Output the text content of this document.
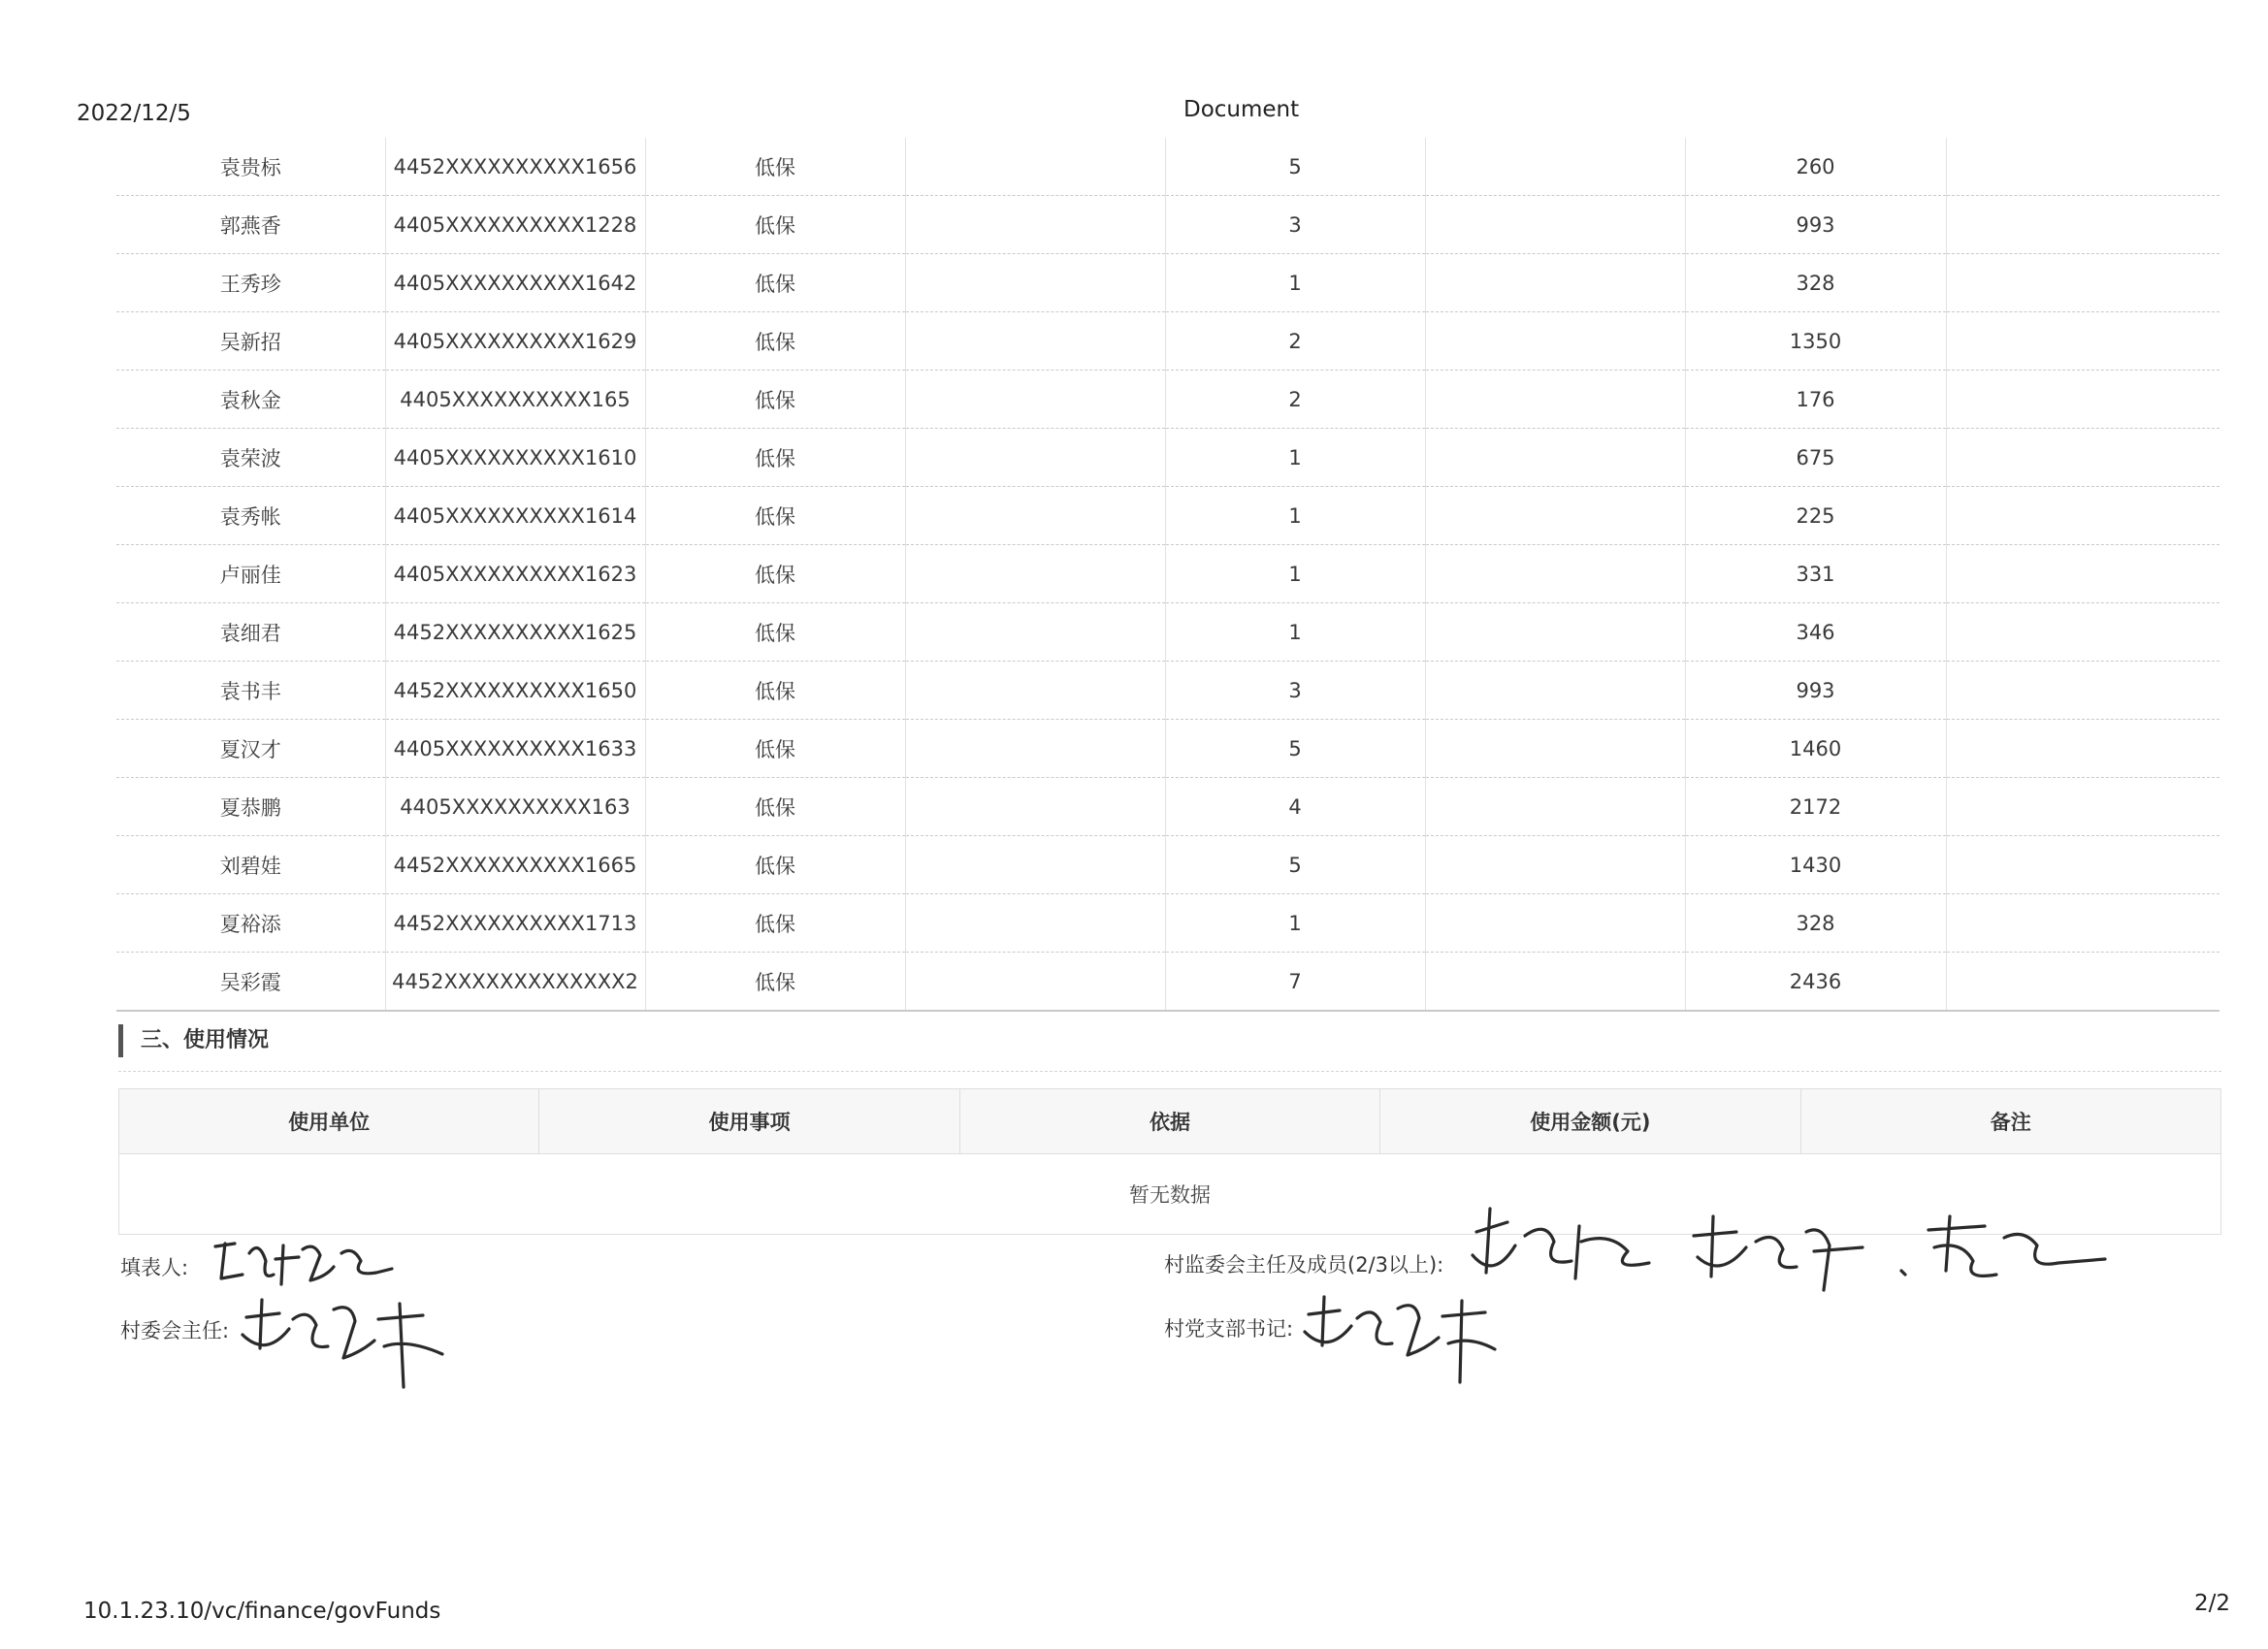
2022/12/5	Document
袁贵标	4452XXXXXXXXXX1656	低保		5		260	
郭燕香	4405XXXXXXXXXX1228	低保		3		993	
王秀珍	4405XXXXXXXXXX1642	低保		1		328	
吴新招	4405XXXXXXXXXX1629	低保		2		1350	
袁秋金	4405XXXXXXXXXX165	低保		2		176	
袁荣波	4405XXXXXXXXXX1610	低保		1		675	
袁秀帐	4405XXXXXXXXXX1614	低保		1		225	
卢丽佳	4405XXXXXXXXXX1623	低保		1		331	
袁细君	4452XXXXXXXXXX1625	低保		1		346	
袁书丰	4452XXXXXXXXXX1650	低保		3		993	
夏汉才	4405XXXXXXXXXX1633	低保		5		1460	
夏恭鹏	4405XXXXXXXXXX163	低保		4		2172	
刘碧娃	4452XXXXXXXXXX1665	低保		5		1430	
夏裕添	4452XXXXXXXXXX1713	低保		1		328	
吴彩霞	4452XXXXXXXXXXXXX2	低保		7		2436	
三、使用情况
使用单位	使用事项	依据	使用金额(元)	备注
暂无数据
填表人:
村委会主任:
村监委会主任及成员(2/3以上):
村党支部书记:
10.1.23.10/vc/finance/govFunds	2/2
